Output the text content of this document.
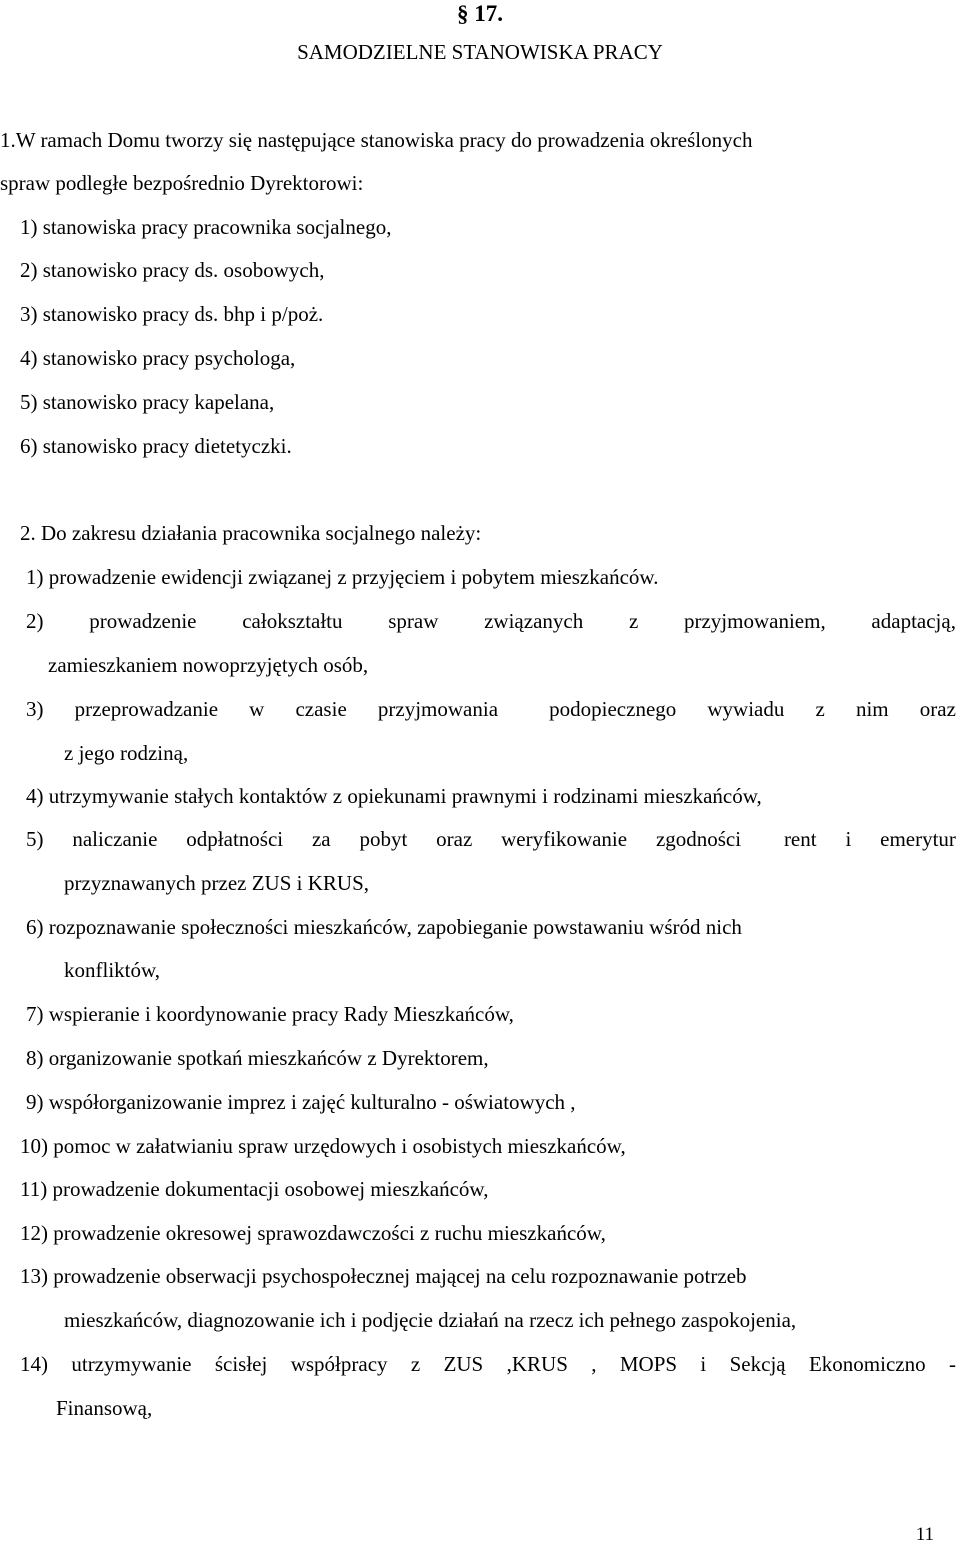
§ 17.
SAMODZIELNE STANOWISKA PRACY
1.W ramach Domu tworzy się następujące stanowiska pracy do prowadzenia określonych
spraw podległe bezpośrednio Dyrektorowi:
1) stanowiska pracy pracownika socjalnego,
2) stanowisko pracy ds. osobowych,
3) stanowisko pracy ds. bhp i p/poż.
4) stanowisko pracy psychologa,
5) stanowisko pracy kapelana,
6) stanowisko pracy dietetyczki.
2. Do zakresu działania pracownika socjalnego należy:
1) prowadzenie ewidencji związanej z przyjęciem i pobytem mieszkańców.
2) prowadzenie całokształtu spraw związanych z przyjmowaniem, adaptacją,
zamieszkaniem nowoprzyjętych osób,
3) przeprowadzanie w czasie przyjmowania podopiecznego wywiadu z nim oraz
z jego rodziną,
4) utrzymywanie stałych kontaktów z opiekunami prawnymi i rodzinami mieszkańców,
5) naliczanie odpłatności za pobyt oraz weryfikowanie zgodności rent i emerytur
przyznawanych przez ZUS i KRUS,
6) rozpoznawanie społeczności mieszkańców, zapobieganie powstawaniu wśród nich
konfliktów,
7) wspieranie i koordynowanie pracy Rady Mieszkańców,
8) organizowanie spotkań mieszkańców z Dyrektorem,
9) współorganizowanie imprez i zajęć kulturalno - oświatowych ,
10) pomoc w załatwianiu spraw urzędowych i osobistych mieszkańców,
11) prowadzenie dokumentacji osobowej mieszkańców,
12) prowadzenie okresowej sprawozdawczości z ruchu mieszkańców,
13) prowadzenie obserwacji psychospołecznej mającej na celu rozpoznawanie potrzeb
mieszkańców, diagnozowanie ich i podjęcie działań na rzecz ich pełnego zaspokojenia,
14) utrzymywanie ścisłej współpracy z ZUS ,KRUS , MOPS i Sekcją Ekonomiczno -
Finansową,
11
